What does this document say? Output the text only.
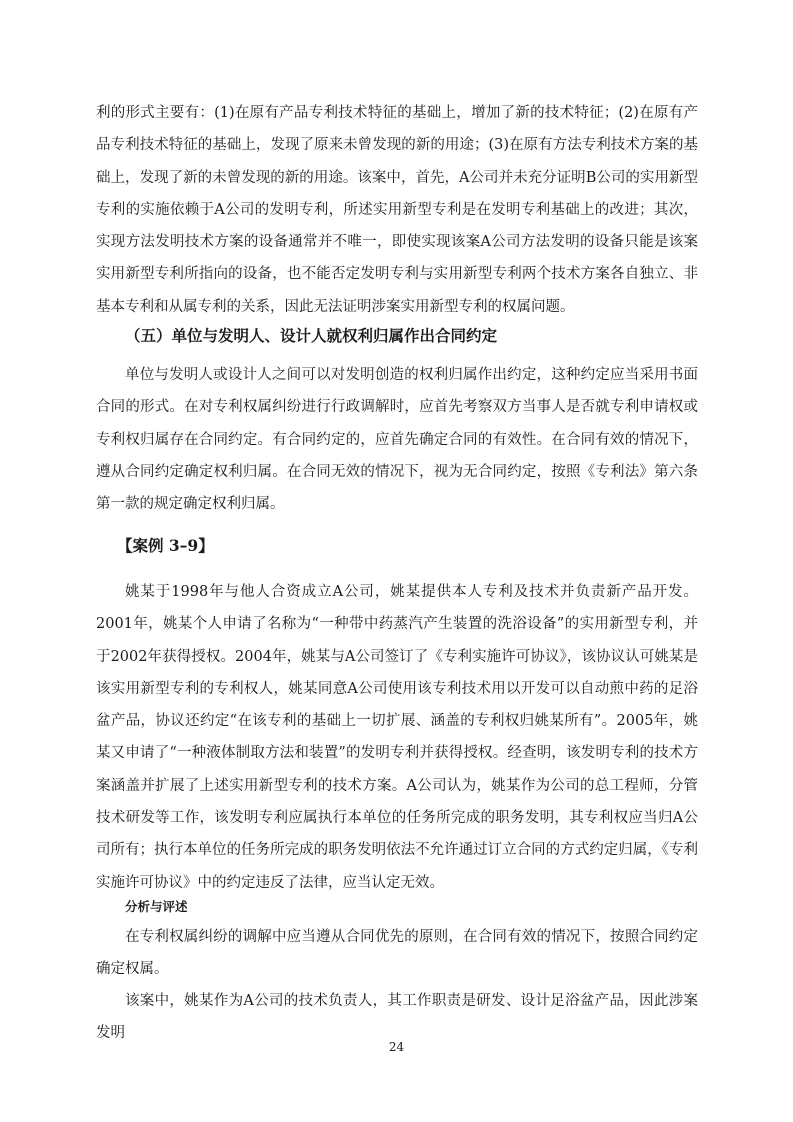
利的形式主要有：(1)在原有产品专利技术特征的基础上，增加了新的技术特征；(2)在原有产品专利技术特征的基础上，发现了原来未曾发现的新的用途；(3)在原有方法专利技术方案的基础上，发现了新的未曾发现的新的用途。该案中，首先，A公司并未充分证明B公司的实用新型专利的实施依赖于A公司的发明专利，所述实用新型专利是在发明专利基础上的改进；其次，实现方法发明技术方案的设备通常并不唯一，即使实现该案A公司方法发明的设备只能是该案实用新型专利所指向的设备，也不能否定发明专利与实用新型专利两个技术方案各自独立、非基本专利和从属专利的关系，因此无法证明涉案实用新型专利的权属问题。

（五）单位与发明人、设计人就权利归属作出合同约定

单位与发明人或设计人之间可以对发明创造的权利归属作出约定，这种约定应当采用书面合同的形式。在对专利权属纠纷进行行政调解时，应首先考察双方当事人是否就专利申请权或专利权归属存在合同约定。有合同约定的，应首先确定合同的有效性。在合同有效的情况下，遵从合同约定确定权利归属。在合同无效的情况下，视为无合同约定，按照《专利法》第六条第一款的规定确定权利归属。

【案例 3–9】

姚某于1998年与他人合资成立A公司，姚某提供本人专利及技术并负责新产品开发。2001年，姚某个人申请了名称为“一种带中药蒸汽产生装置的洗浴设备”的实用新型专利，并于2002年获得授权。2004年，姚某与A公司签订了《专利实施许可协议》，该协议认可姚某是该实用新型专利的专利权人，姚某同意A公司使用该专利技术用以开发可以自动煎中药的足浴盆产品，协议还约定“在该专利的基础上一切扩展、涵盖的专利权归姚某所有”。2005年，姚某又申请了“一种液体制取方法和装置”的发明专利并获得授权。经查明，该发明专利的技术方案涵盖并扩展了上述实用新型专利的技术方案。A公司认为，姚某作为公司的总工程师，分管技术研发等工作，该发明专利应属执行本单位的任务所完成的职务发明，其专利权应当归A公司所有；执行本单位的任务所完成的职务发明依法不允许通过订立合同的方式约定归属，《专利实施许可协议》中的约定违反了法律，应当认定无效。

分析与评述

在专利权属纠纷的调解中应当遵从合同优先的原则，在合同有效的情况下，按照合同约定确定权属。

该案中，姚某作为A公司的技术负责人，其工作职责是研发、设计足浴盆产品，因此涉案发明

24
